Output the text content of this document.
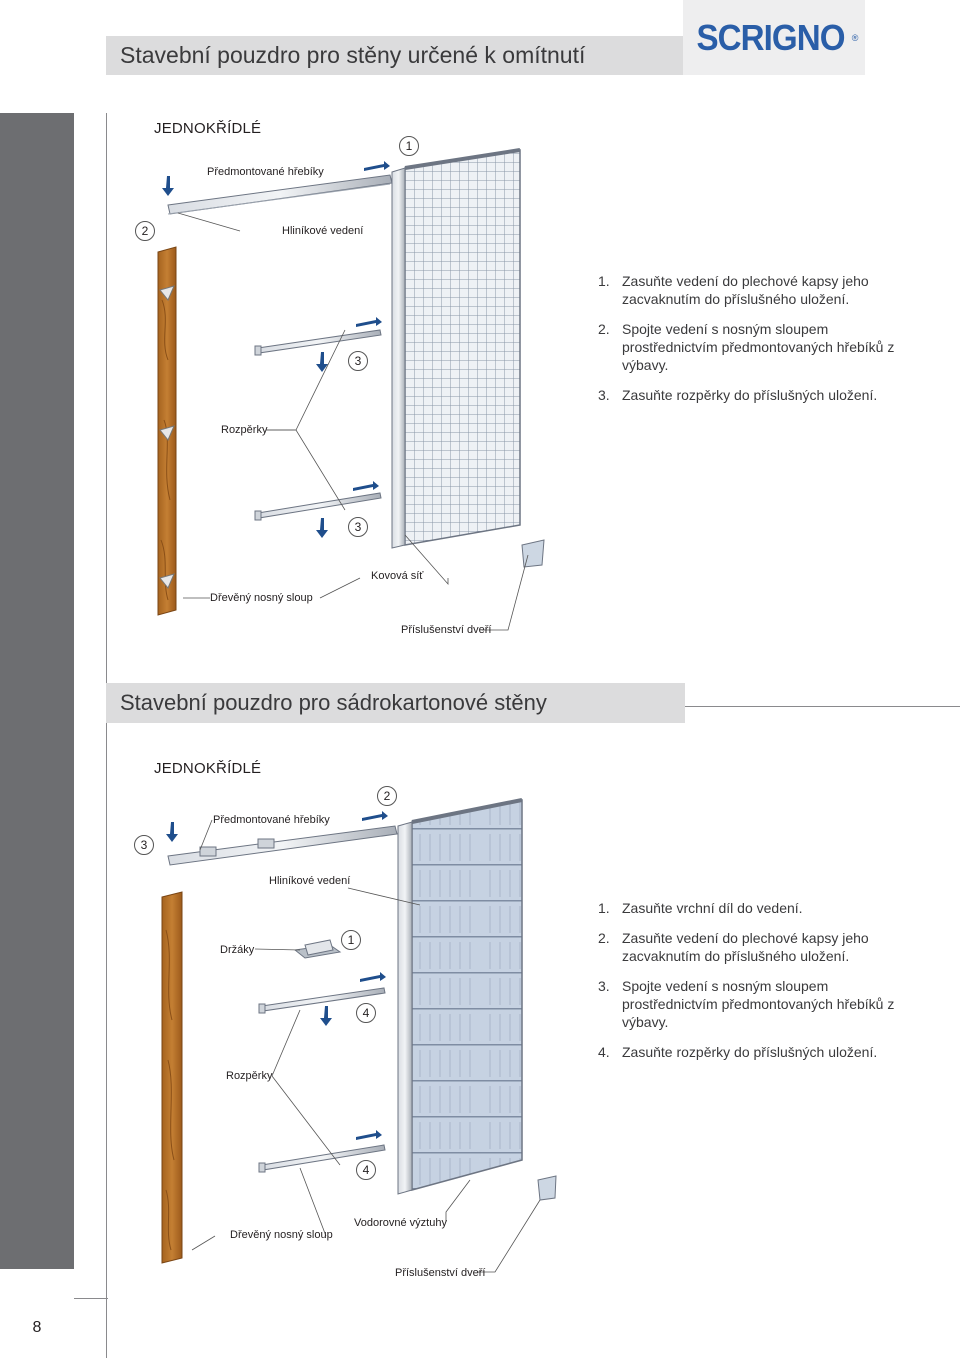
Stavební pouzdro pro stěny určené k omítnutí	SCRIGNO ®
8
Stavební pouzdro pro sádrokartonové stěny
JEDNOKŘÍDLÉ
Předmontované hřebíky
Hliníkové vedení
Rozpěrky
Dřevěný nosný sloup
Kovová síť
Příslušenství dveří
1
2
3
3
1. Zasuňte vedení do plechové kapsy jeho zacvaknutím do příslušného uložení.
2. Spojte vedení s nosným sloupem prostřednictvím předmontovaných hřebíků z výbavy.
3. Zasuňte rozpěrky do příslušných uložení.
JEDNOKŘÍDLÉ
Předmontované hřebíky
Hliníkové vedení
Držáky
Rozpěrky
Dřevěný nosný sloup
Vodorovné výztuhy
Příslušenství dveří
2
3
1
4
4
1. Zasuňte vrchní díl do vedení.
2. Zasuňte vedení do plechové kapsy jeho zacvaknutím do příslušného uložení.
3. Spojte vedení s nosným sloupem prostřednictvím předmontovaných hřebíků z výbavy.
4. Zasuňte rozpěrky do příslušných uložení.
